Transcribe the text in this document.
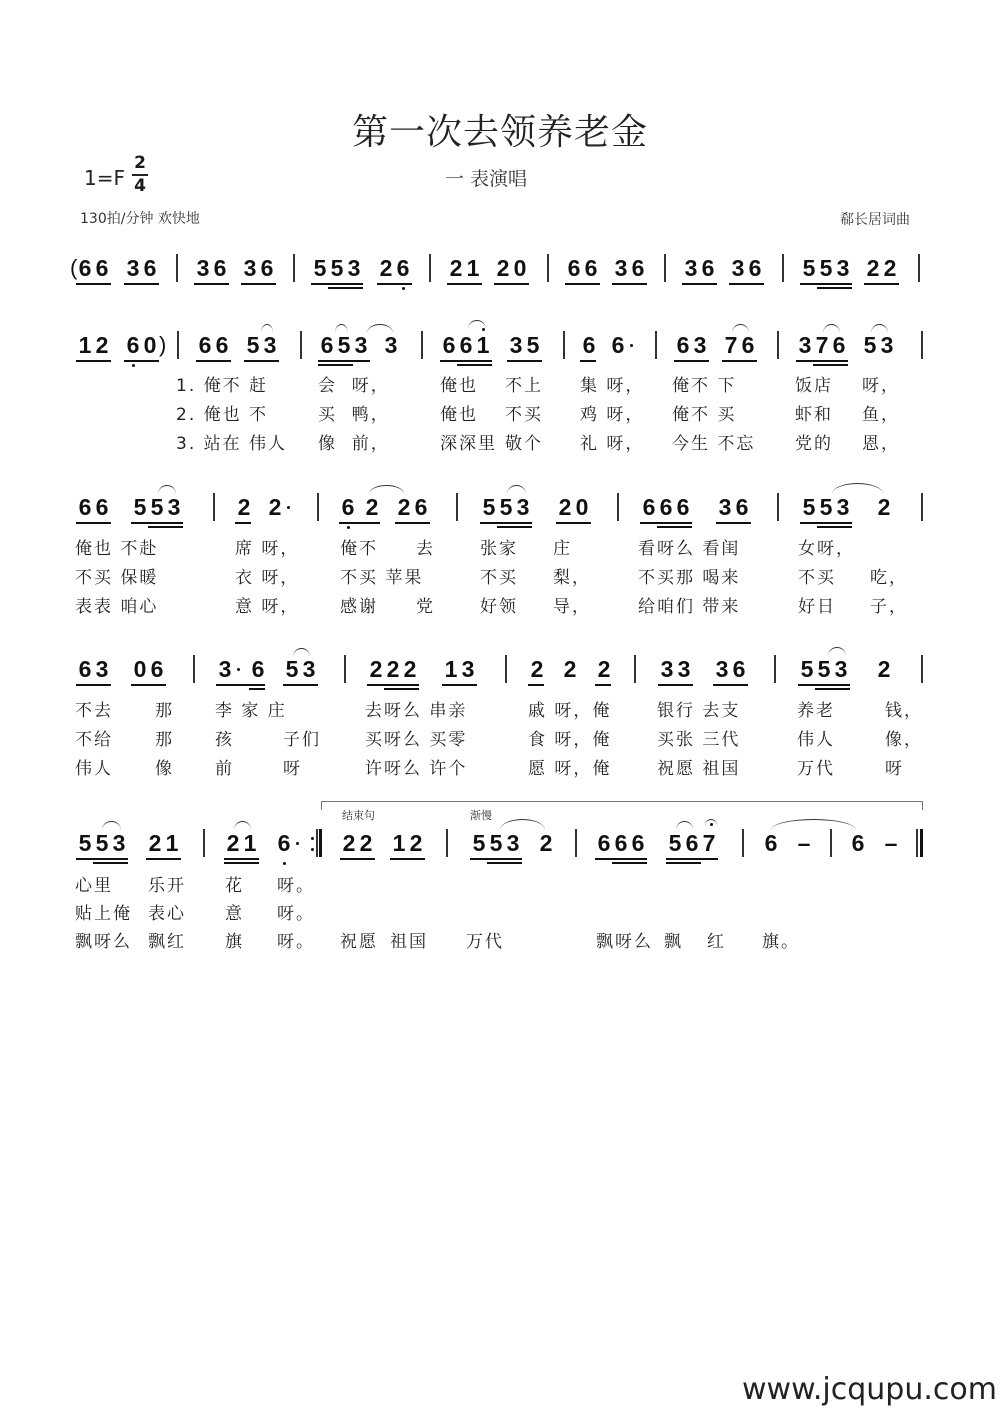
第一次去领养老金
1=F
2
4	一 表演唱
130拍/分钟 欢快地	郗长居词曲
( 6 6 3 6 3 6 3 6 5 5 3 2 6 2 1 2 0 6 6 3 6 3 6 3 6 5 5 3 2 2
1 2 6 0 ) 6 6 5 3 6 5 3 3 6 6 1 3 5 6 6 6 3 7 6 3 7 6 5 3
1. 俺不 赶	会  呀，	俺也 不上 集 呀， 俺不 下	饭店 呀，
2. 俺也 不	买  鸭，	俺也 不买 鸡 呀， 俺不 买	虾和 鱼，
3. 站在 伟人 像  前，	深深里 敬个 礼 呀， 今生 不忘 党的 恩，
6 6 5 5 3 2 2	6 2 2 6 5 5 3 2 0 6 6 6 3 6 5 5 3 2
俺也 不赴	席 呀， 俺不 去	张家 庄	看呀么 看闺	女呀，
不买 保暖	衣 呀， 不买 苹果	不买 梨，	不买那 喝来	不买 吃，
表表 咱心	意 呀， 感谢 党	好领 导，	给咱们 带来	好日 子，
6 3 0 6 3 6 5 3 2 2 2 1 3 2 2 2 3 3 3 6 5 5 3 2
不去 那 李 家 庄	去呀么 串亲	戚 呀，俺	银行 去支	养老	钱，
不给 那 孩	子们	买呀么 买零	食 呀，俺	买张 三代	伟人	像，
伟人 像 前	呀	许呀么 许个	愿 呀，俺	祝愿 祖国	万代	呀
结束句	渐慢
5 5 3 2 1 2 1 6 2 2 1 2 5 5 3 2 6 6 6 5 6 7 6 – 6 –
心里 乐开 花 呀。
贴上俺 表心 意 呀。
飘呀么 飘红 旗 呀。 祝愿 祖国 万代	飘呀么 飘 红 旗。
www.jcqupu.com
